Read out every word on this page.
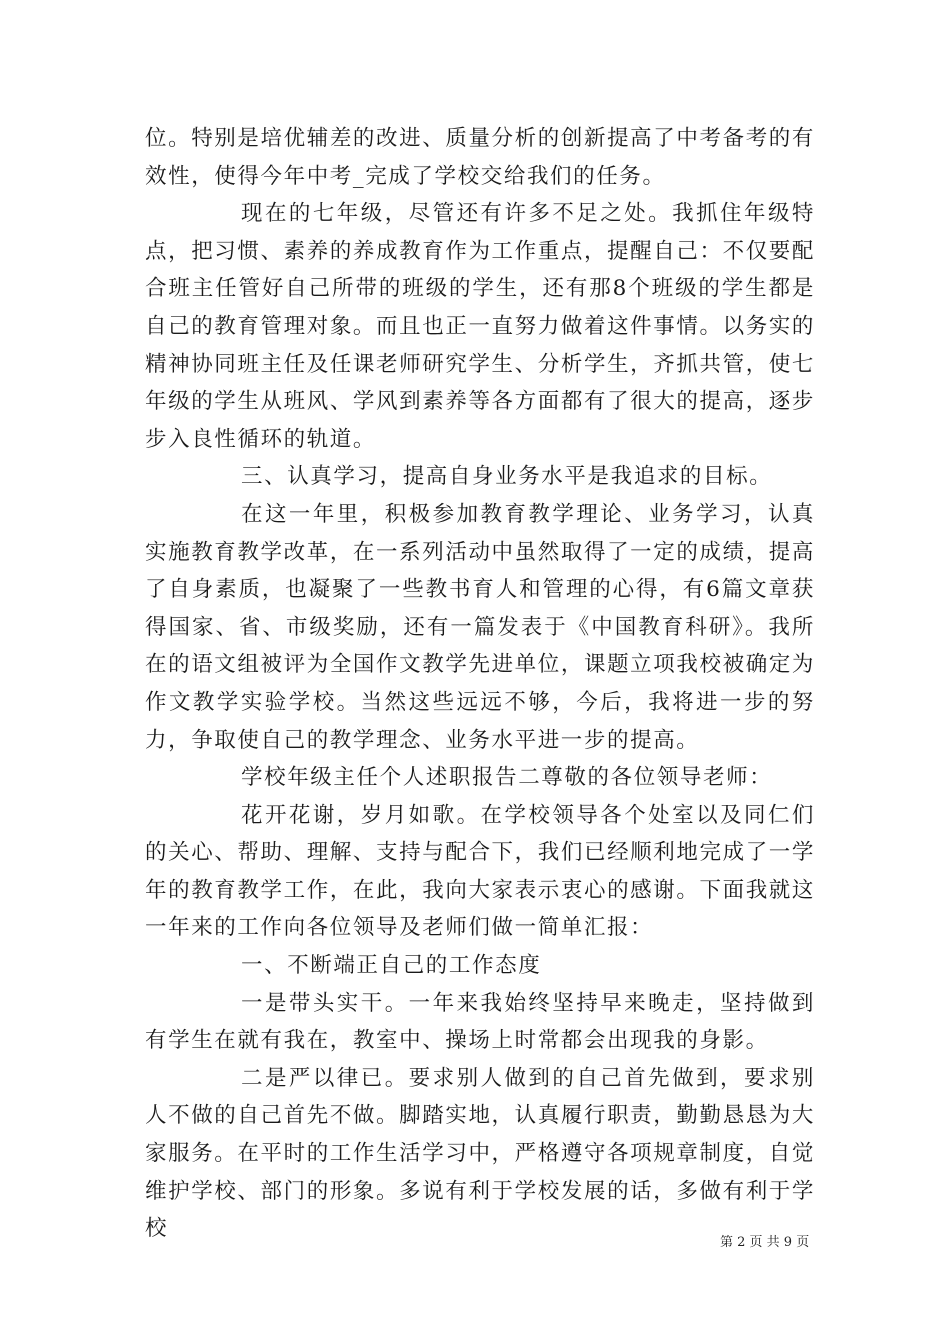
位。特别是培优辅差的改进、质量分析的创新提高了中考备考的有效性，使得今年中考_完成了学校交给我们的任务。

现在的七年级，尽管还有许多不足之处。我抓住年级特点，把习惯、素养的养成教育作为工作重点，提醒自己：不仅要配合班主任管好自己所带的班级的学生，还有那8个班级的学生都是自己的教育管理对象。而且也正一直努力做着这件事情。以务实的精神协同班主任及任课老师研究学生、分析学生，齐抓共管，使七年级的学生从班风、学风到素养等各方面都有了很大的提高，逐步步入良性循环的轨道。

三、认真学习，提高自身业务水平是我追求的目标。

在这一年里，积极参加教育教学理论、业务学习，认真实施教育教学改革，在一系列活动中虽然取得了一定的成绩，提高了自身素质，也凝聚了一些教书育人和管理的心得，有6篇文章获得国家、省、市级奖励，还有一篇发表于《中国教育科研》。我所在的语文组被评为全国作文教学先进单位，课题立项我校被确定为作文教学实验学校。当然这些远远不够，今后，我将进一步的努力，争取使自己的教学理念、业务水平进一步的提高。

学校年级主任个人述职报告二尊敬的各位领导老师：

花开花谢，岁月如歌。在学校领导各个处室以及同仁们的关心、帮助、理解、支持与配合下，我们已经顺利地完成了一学年的教育教学工作，在此，我向大家表示衷心的感谢。下面我就这一年来的工作向各位领导及老师们做一简单汇报：

一、不断端正自己的工作态度

一是带头实干。一年来我始终坚持早来晚走，坚持做到有学生在就有我在，教室中、操场上时常都会出现我的身影。

二是严以律已。要求别人做到的自己首先做到，要求别人不做的自己首先不做。脚踏实地，认真履行职责，勤勤恳恳为大家服务。在平时的工作生活学习中，严格遵守各项规章制度，自觉维护学校、部门的形象。多说有利于学校发展的话，多做有利于学校

第 2 页 共 9 页
